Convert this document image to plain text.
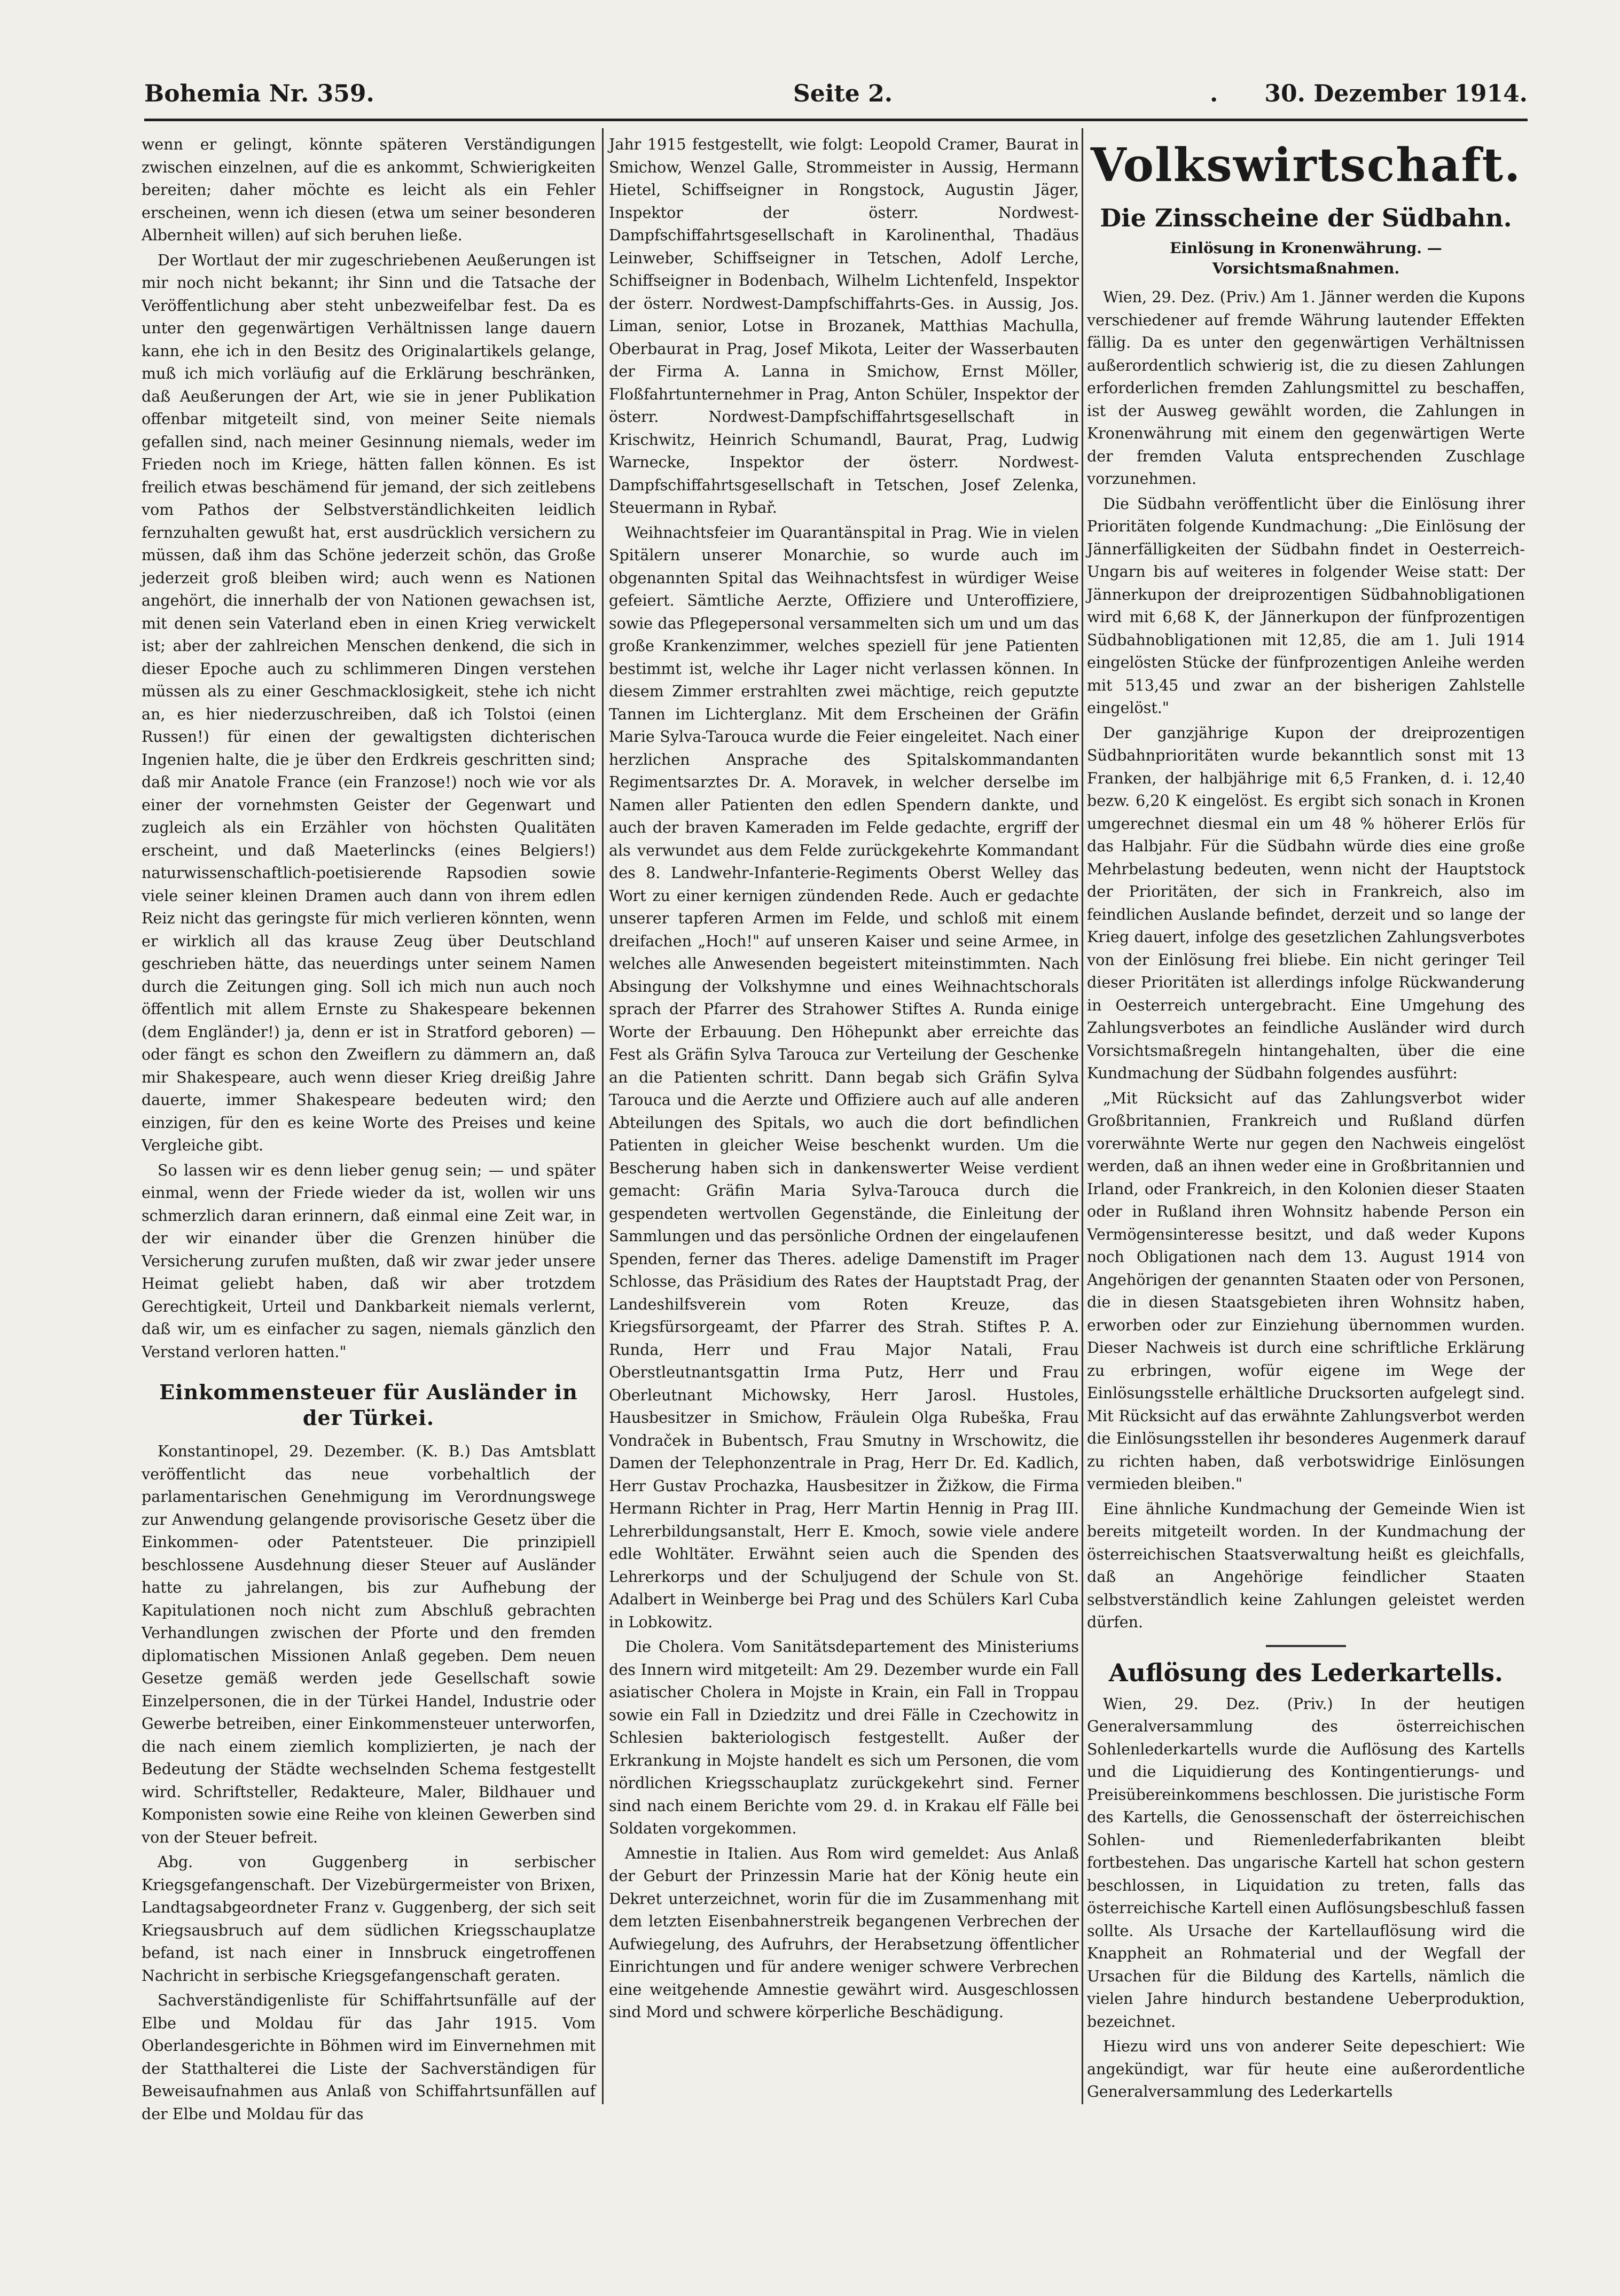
Bohemia Nr. 359.	Seite 2.	. 30. Dezember 1914.

wenn er gelingt, könnte späteren Verständigungen zwischen einzelnen, auf die es ankommt, Schwierigkeiten bereiten; daher möchte es leicht als ein Fehler erscheinen, wenn ich diesen (etwa um seiner besonderen Albernheit willen) auf sich beruhen ließe.

Der Wortlaut der mir zugeschriebenen Aeußerungen ist mir noch nicht bekannt; ihr Sinn und die Tatsache der Veröffentlichung aber steht unbezweifelbar fest. Da es unter den gegenwärtigen Verhältnissen lange dauern kann, ehe ich in den Besitz des Originalartikels gelange, muß ich mich vorläufig auf die Erklärung beschränken, daß Aeußerungen der Art, wie sie in jener Publikation offenbar mitgeteilt sind, von meiner Seite niemals gefallen sind, nach meiner Gesinnung niemals, weder im Frieden noch im Kriege, hätten fallen können. Es ist freilich etwas beschämend für jemand, der sich zeitlebens vom Pathos der Selbstverständlichkeiten leidlich fernzuhalten gewußt hat, erst ausdrücklich versichern zu müssen, daß ihm das Schöne jederzeit schön, das Große jederzeit groß bleiben wird; auch wenn es Nationen angehört, die innerhalb der von Nationen gewachsen ist, mit denen sein Vaterland eben in einen Krieg verwickelt ist; aber der zahlreichen Menschen denkend, die sich in dieser Epoche auch zu schlimmeren Dingen verstehen müssen als zu einer Geschmacklosigkeit, stehe ich nicht an, es hier niederzuschreiben, daß ich Tolstoi (einen Russen!) für einen der gewaltigsten dichterischen Ingenien halte, die je über den Erdkreis geschritten sind; daß mir Anatole France (ein Franzose!) noch wie vor als einer der vornehmsten Geister der Gegenwart und zugleich als ein Erzähler von höchsten Qualitäten erscheint, und daß Maeterlincks (eines Belgiers!) naturwissenschaftlich-poetisierende Rapsodien sowie viele seiner kleinen Dramen auch dann von ihrem edlen Reiz nicht das geringste für mich verlieren könnten, wenn er wirklich all das krause Zeug über Deutschland geschrieben hätte, das neuerdings unter seinem Namen durch die Zeitungen ging. Soll ich mich nun auch noch öffentlich mit allem Ernste zu Shakespeare bekennen (dem Engländer!) ja, denn er ist in Stratford geboren) — oder fängt es schon den Zweiflern zu dämmern an, daß mir Shakespeare, auch wenn dieser Krieg dreißig Jahre dauerte, immer Shakespeare bedeuten wird; den einzigen, für den es keine Worte des Preises und keine Vergleiche gibt.

So lassen wir es denn lieber genug sein; — und später einmal, wenn der Friede wieder da ist, wollen wir uns schmerzlich daran erinnern, daß einmal eine Zeit war, in der wir einander über die Grenzen hinüber die Versicherung zurufen mußten, daß wir zwar jeder unsere Heimat geliebt haben, daß wir aber trotzdem Gerechtigkeit, Urteil und Dankbarkeit niemals verlernt, daß wir, um es einfacher zu sagen, niemals gänzlich den Verstand verloren hatten."

Einkommensteuer für Ausländer in der Türkei.

Konstantinopel, 29. Dezember. (K. B.) Das Amtsblatt veröffentlicht das neue vorbehaltlich der parlamentarischen Genehmigung im Verordnungswege zur Anwendung gelangende provisorische Gesetz über die Einkommen- oder Patentsteuer. Die prinzipiell beschlossene Ausdehnung dieser Steuer auf Ausländer hatte zu jahrelangen, bis zur Aufhebung der Kapitulationen noch nicht zum Abschluß gebrachten Verhandlungen zwischen der Pforte und den fremden diplomatischen Missionen Anlaß gegeben. Dem neuen Gesetze gemäß werden jede Gesellschaft sowie Einzelpersonen, die in der Türkei Handel, Industrie oder Gewerbe betreiben, einer Einkommensteuer unterworfen, die nach einem ziemlich komplizierten, je nach der Bedeutung der Städte wechselnden Schema festgestellt wird. Schriftsteller, Redakteure, Maler, Bildhauer und Komponisten sowie eine Reihe von kleinen Gewerben sind von der Steuer befreit.

Abg. von Guggenberg in serbischer Kriegsgefangenschaft. Der Vizebürgermeister von Brixen, Landtagsabgeordneter Franz v. Guggenberg, der sich seit Kriegsausbruch auf dem südlichen Kriegsschauplatze befand, ist nach einer in Innsbruck eingetroffenen Nachricht in serbische Kriegsgefangenschaft geraten.

Sachverständigenliste für Schiffahrtsunfälle auf der Elbe und Moldau für das Jahr 1915. Vom Oberlandesgerichte in Böhmen wird im Einvernehmen mit der Statthalterei die Liste der Sachverständigen für Beweisaufnahmen aus Anlaß von Schiffahrtsunfällen auf der Elbe und Moldau für das

Jahr 1915 festgestellt, wie folgt: Leopold Cramer, Baurat in Smichow, Wenzel Galle, Strommeister in Aussig, Hermann Hietel, Schiffseigner in Rongstock, Augustin Jäger, Inspektor der österr. Nordwest-Dampfschiffahrtsgesellschaft in Karolinenthal, Thadäus Leinweber, Schiffseigner in Tetschen, Adolf Lerche, Schiffseigner in Bodenbach, Wilhelm Lichtenfeld, Inspektor der österr. Nordwest-Dampfschiffahrts-Ges. in Aussig, Jos. Liman, senior, Lotse in Brozanek, Matthias Machulla, Oberbaurat in Prag, Josef Mikota, Leiter der Wasserbauten der Firma A. Lanna in Smichow, Ernst Möller, Floßfahrtunternehmer in Prag, Anton Schüler, Inspektor der österr. Nordwest-Dampfschiffahrtsgesellschaft in Krischwitz, Heinrich Schumandl, Baurat, Prag, Ludwig Warnecke, Inspektor der österr. Nordwest-Dampfschiffahrtsgesellschaft in Tetschen, Josef Zelenka, Steuermann in Rybař.

Weihnachtsfeier im Quarantänspital in Prag. Wie in vielen Spitälern unserer Monarchie, so wurde auch im obgenannten Spital das Weihnachtsfest in würdiger Weise gefeiert. Sämtliche Aerzte, Offiziere und Unteroffiziere, sowie das Pflegepersonal versammelten sich um und um das große Krankenzimmer, welches speziell für jene Patienten bestimmt ist, welche ihr Lager nicht verlassen können. In diesem Zimmer erstrahlten zwei mächtige, reich geputzte Tannen im Lichterglanz. Mit dem Erscheinen der Gräfin Marie Sylva-Tarouca wurde die Feier eingeleitet. Nach einer herzlichen Ansprache des Spitalskommandanten Regimentsarztes Dr. A. Moravek, in welcher derselbe im Namen aller Patienten den edlen Spendern dankte, und auch der braven Kameraden im Felde gedachte, ergriff der als verwundet aus dem Felde zurückgekehrte Kommandant des 8. Landwehr-Infanterie-Regiments Oberst Welley das Wort zu einer kernigen zündenden Rede. Auch er gedachte unserer tapferen Armen im Felde, und schloß mit einem dreifachen „Hoch!" auf unseren Kaiser und seine Armee, in welches alle Anwesenden begeistert miteinstimmten. Nach Absingung der Volkshymne und eines Weihnachtschorals sprach der Pfarrer des Strahower Stiftes A. Runda einige Worte der Erbauung. Den Höhepunkt aber erreichte das Fest als Gräfin Sylva Tarouca zur Verteilung der Geschenke an die Patienten schritt. Dann begab sich Gräfin Sylva Tarouca und die Aerzte und Offiziere auch auf alle anderen Abteilungen des Spitals, wo auch die dort befindlichen Patienten in gleicher Weise beschenkt wurden. Um die Bescherung haben sich in dankenswerter Weise verdient gemacht: Gräfin Maria Sylva-Tarouca durch die gespendeten wertvollen Gegenstände, die Einleitung der Sammlungen und das persönliche Ordnen der eingelaufenen Spenden, ferner das Theres. adelige Damenstift im Prager Schlosse, das Präsidium des Rates der Hauptstadt Prag, der Landeshilfsverein vom Roten Kreuze, das Kriegsfürsorgeamt, der Pfarrer des Strah. Stiftes P. A. Runda, Herr und Frau Major Natali, Frau Oberstleutnantsgattin Irma Putz, Herr und Frau Oberleutnant Michowsky, Herr Jarosl. Hustoles, Hausbesitzer in Smichow, Fräulein Olga Rubeška, Frau Vondraček in Bubentsch, Frau Smutny in Wrschowitz, die Damen der Telephonzentrale in Prag, Herr Dr. Ed. Kadlich, Herr Gustav Prochazka, Hausbesitzer in Žižkow, die Firma Hermann Richter in Prag, Herr Martin Hennig in Prag III. Lehrerbildungsanstalt, Herr E. Kmoch, sowie viele andere edle Wohltäter. Erwähnt seien auch die Spenden des Lehrerkorps und der Schuljugend der Schule von St. Adalbert in Weinberge bei Prag und des Schülers Karl Cuba in Lobkowitz.

Die Cholera. Vom Sanitätsdepartement des Ministeriums des Innern wird mitgeteilt: Am 29. Dezember wurde ein Fall asiatischer Cholera in Mojste in Krain, ein Fall in Troppau sowie ein Fall in Dziedzitz und drei Fälle in Czechowitz in Schlesien bakteriologisch festgestellt. Außer der Erkrankung in Mojste handelt es sich um Personen, die vom nördlichen Kriegsschauplatz zurückgekehrt sind. Ferner sind nach einem Berichte vom 29. d. in Krakau elf Fälle bei Soldaten vorgekommen.

Amnestie in Italien. Aus Rom wird gemeldet: Aus Anlaß der Geburt der Prinzessin Marie hat der König heute ein Dekret unterzeichnet, worin für die im Zusammenhang mit dem letzten Eisenbahnerstreik begangenen Verbrechen der Aufwiegelung, des Aufruhrs, der Herabsetzung öffentlicher Einrichtungen und für andere weniger schwere Verbrechen eine weitgehende Amnestie gewährt wird. Ausgeschlossen sind Mord und schwere körperliche Beschädigung.

Volkswirtschaft.
Die Zinsscheine der Südbahn.
Einlösung in Kronenwährung. — Vorsichtsmaßnahmen.

Wien, 29. Dez. (Priv.) Am 1. Jänner werden die Kupons verschiedener auf fremde Währung lautender Effekten fällig. Da es unter den gegenwärtigen Verhältnissen außerordentlich schwierig ist, die zu diesen Zahlungen erforderlichen fremden Zahlungsmittel zu beschaffen, ist der Ausweg gewählt worden, die Zahlungen in Kronenwährung mit einem den gegenwärtigen Werte der fremden Valuta entsprechenden Zuschlage vorzunehmen.

Die Südbahn veröffentlicht über die Einlösung ihrer Prioritäten folgende Kundmachung: „Die Einlösung der Jännerfälligkeiten der Südbahn findet in Oesterreich-Ungarn bis auf weiteres in folgender Weise statt: Der Jännerkupon der dreiprozentigen Südbahnobligationen wird mit 6,68 K, der Jännerkupon der fünfprozentigen Südbahnobligationen mit 12,85, die am 1. Juli 1914 eingelösten Stücke der fünfprozentigen Anleihe werden mit 513,45 und zwar an der bisherigen Zahlstelle eingelöst."

Der ganzjährige Kupon der dreiprozentigen Südbahnprioritäten wurde bekanntlich sonst mit 13 Franken, der halbjährige mit 6,5 Franken, d. i. 12,40 bezw. 6,20 K eingelöst. Es ergibt sich sonach in Kronen umgerechnet diesmal ein um 48 % höherer Erlös für das Halbjahr. Für die Südbahn würde dies eine große Mehrbelastung bedeuten, wenn nicht der Hauptstock der Prioritäten, der sich in Frankreich, also im feindlichen Auslande befindet, derzeit und so lange der Krieg dauert, infolge des gesetzlichen Zahlungsverbotes von der Einlösung frei bliebe. Ein nicht geringer Teil dieser Prioritäten ist allerdings infolge Rückwanderung in Oesterreich untergebracht. Eine Umgehung des Zahlungsverbotes an feindliche Ausländer wird durch Vorsichtsmaßregeln hintangehalten, über die eine Kundmachung der Südbahn folgendes ausführt:

„Mit Rücksicht auf das Zahlungsverbot wider Großbritannien, Frankreich und Rußland dürfen vorerwähnte Werte nur gegen den Nachweis eingelöst werden, daß an ihnen weder eine in Großbritannien und Irland, oder Frankreich, in den Kolonien dieser Staaten oder in Rußland ihren Wohnsitz habende Person ein Vermögensinteresse besitzt, und daß weder Kupons noch Obligationen nach dem 13. August 1914 von Angehörigen der genannten Staaten oder von Personen, die in diesen Staatsgebieten ihren Wohnsitz haben, erworben oder zur Einziehung übernommen wurden. Dieser Nachweis ist durch eine schriftliche Erklärung zu erbringen, wofür eigene im Wege der Einlösungsstelle erhältliche Drucksorten aufgelegt sind. Mit Rücksicht auf das erwähnte Zahlungsverbot werden die Einlösungsstellen ihr besonderes Augenmerk darauf zu richten haben, daß verbotswidrige Einlösungen vermieden bleiben."

Eine ähnliche Kundmachung der Gemeinde Wien ist bereits mitgeteilt worden. In der Kundmachung der österreichischen Staatsverwaltung heißt es gleichfalls, daß an Angehörige feindlicher Staaten selbstverständlich keine Zahlungen geleistet werden dürfen.

Auflösung des Lederkartells.

Wien, 29. Dez. (Priv.) In der heutigen Generalversammlung des österreichischen Sohlenlederkartells wurde die Auflösung des Kartells und die Liquidierung des Kontingentierungs- und Preisübereinkommens beschlossen. Die juristische Form des Kartells, die Genossenschaft der österreichischen Sohlen- und Riemenlederfabrikanten bleibt fortbestehen. Das ungarische Kartell hat schon gestern beschlossen, in Liquidation zu treten, falls das österreichische Kartell einen Auflösungsbeschluß fassen sollte. Als Ursache der Kartellauflösung wird die Knappheit an Rohmaterial und der Wegfall der Ursachen für die Bildung des Kartells, nämlich die vielen Jahre hindurch bestandene Ueberproduktion, bezeichnet.

Hiezu wird uns von anderer Seite depeschiert: Wie angekündigt, war für heute eine außerordentliche Generalversammlung des Lederkartells
